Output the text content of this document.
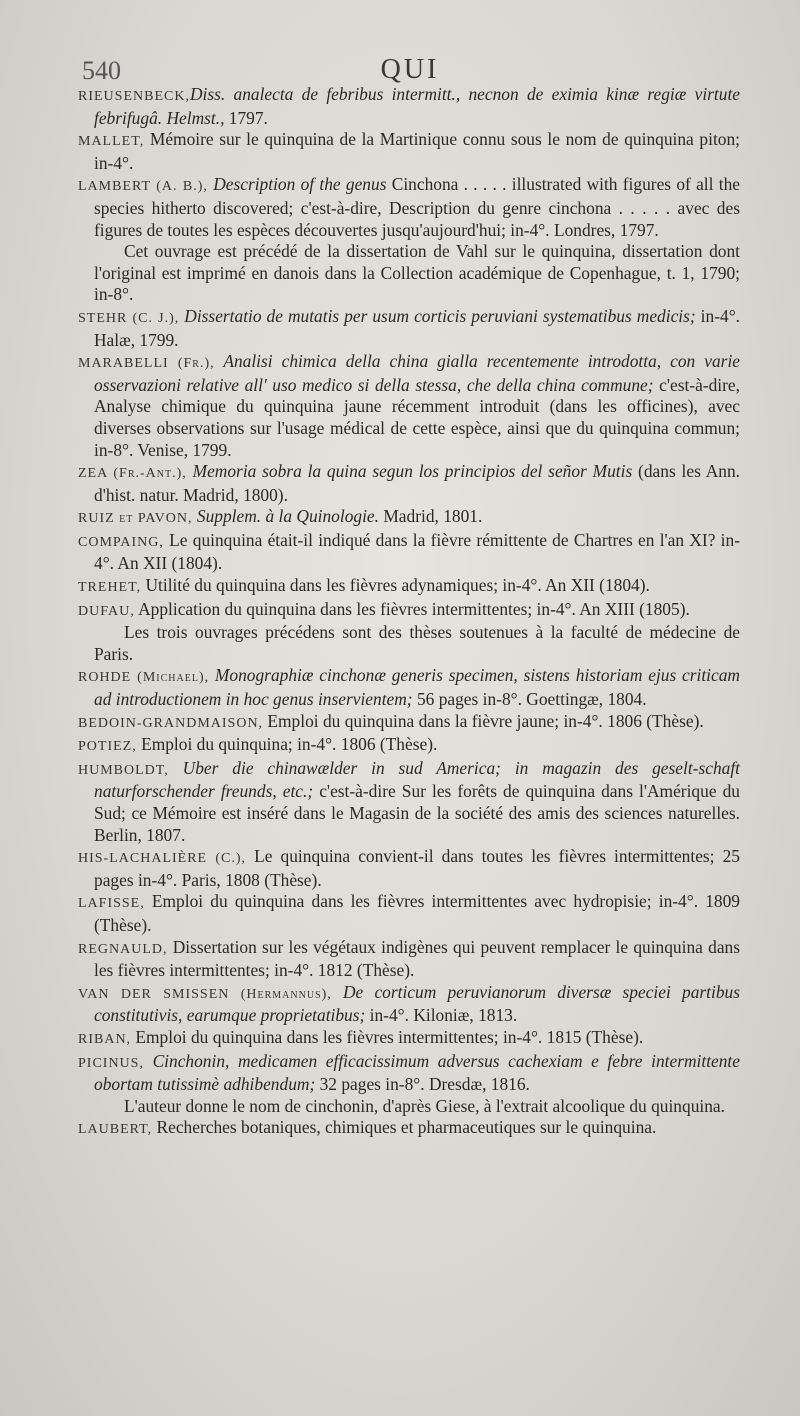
540	QUI

RIEUSENBECK,Diss. analecta de febribus intermitt., necnon de eximia kinæ regiæ virtute febrifugâ. Helmst., 1797.

MALLET, Mémoire sur le quinquina de la Martinique connu sous le nom de quinquina piton; in-4°.

LAMBERT (A. B.), Description of the genus Cinchona . . . . . illustrated with figures of all the species hitherto discovered; c'est-à-dire, Description du genre cinchona . . . . . avec des figures de toutes les espèces découvertes jusqu'aujourd'hui; in-4°. Londres, 1797.

Cet ouvrage est précédé de la dissertation de Vahl sur le quinquina, dissertation dont l'original est imprimé en danois dans la Collection académique de Copenhague, t. 1, 1790; in-8°.

STEHR (C. J.), Dissertatio de mutatis per usum corticis peruviani systematibus medicis; in-4°. Halæ, 1799.

MARABELLI (Fr.), Analisi chimica della china gialla recentemente introdotta, con varie osservazioni relative all' uso medico si della stessa, che della china commune; c'est-à-dire, Analyse chimique du quinquina jaune récemment introduit (dans les officines), avec diverses observations sur l'usage médical de cette espèce, ainsi que du quinquina commun; in-8°. Venise, 1799.

ZEA (Fr.-Ant.), Memoria sobra la quina segun los principios del señor Mutis (dans les Ann. d'hist. natur. Madrid, 1800).

RUIZ et PAVON, Supplem. à la Quinologie. Madrid, 1801.

COMPAING, Le quinquina était-il indiqué dans la fièvre rémittente de Chartres en l'an XI? in-4°. An XII (1804).

TREHET, Utilité du quinquina dans les fièvres adynamiques; in-4°. An XII (1804).

DUFAU, Application du quinquina dans les fièvres intermittentes; in-4°. An XIII (1805).

Les trois ouvrages précédens sont des thèses soutenues à la faculté de médecine de Paris.

ROHDE (Michael), Monographiæ cinchonæ generis specimen, sistens historiam ejus criticam ad introductionem in hoc genus inservientem; 56 pages in-8°. Goettingæ, 1804.

BEDOIN-GRANDMAISON, Emploi du quinquina dans la fièvre jaune; in-4°. 1806 (Thèse).

POTIEZ, Emploi du quinquina; in-4°. 1806 (Thèse).

HUMBOLDT, Uber die chinawælder in sud America; in magazin des geselt-schaft naturforschender freunds, etc.; c'est-à-dire Sur les forêts de quinquina dans l'Amérique du Sud; ce Mémoire est inséré dans le Magasin de la société des amis des sciences naturelles. Berlin, 1807.

HIS-LACHALIÈRE (C.), Le quinquina convient-il dans toutes les fièvres intermittentes; 25 pages in-4°. Paris, 1808 (Thèse).

LAFISSE, Emploi du quinquina dans les fièvres intermittentes avec hydropisie; in-4°. 1809 (Thèse).

REGNAULD, Dissertation sur les végétaux indigènes qui peuvent remplacer le quinquina dans les fièvres intermittentes; in-4°. 1812 (Thèse).

VAN DER SMISSEN (Hermannus), De corticum peruvianorum diversæ speciei partibus constitutivis, earumque proprietatibus; in-4°. Kiloniæ, 1813.

RIBAN, Emploi du quinquina dans les fièvres intermittentes; in-4°. 1815 (Thèse).

PICINUS, Cinchonin, medicamen efficacissimum adversus cachexiam e febre intermittente obortam tutissimè adhibendum; 32 pages in-8°. Dresdæ, 1816.

L'auteur donne le nom de cinchonin, d'après Giese, à l'extrait alcoolique du quinquina.

LAUBERT, Recherches botaniques, chimiques et pharmaceutiques sur le quinquina.
